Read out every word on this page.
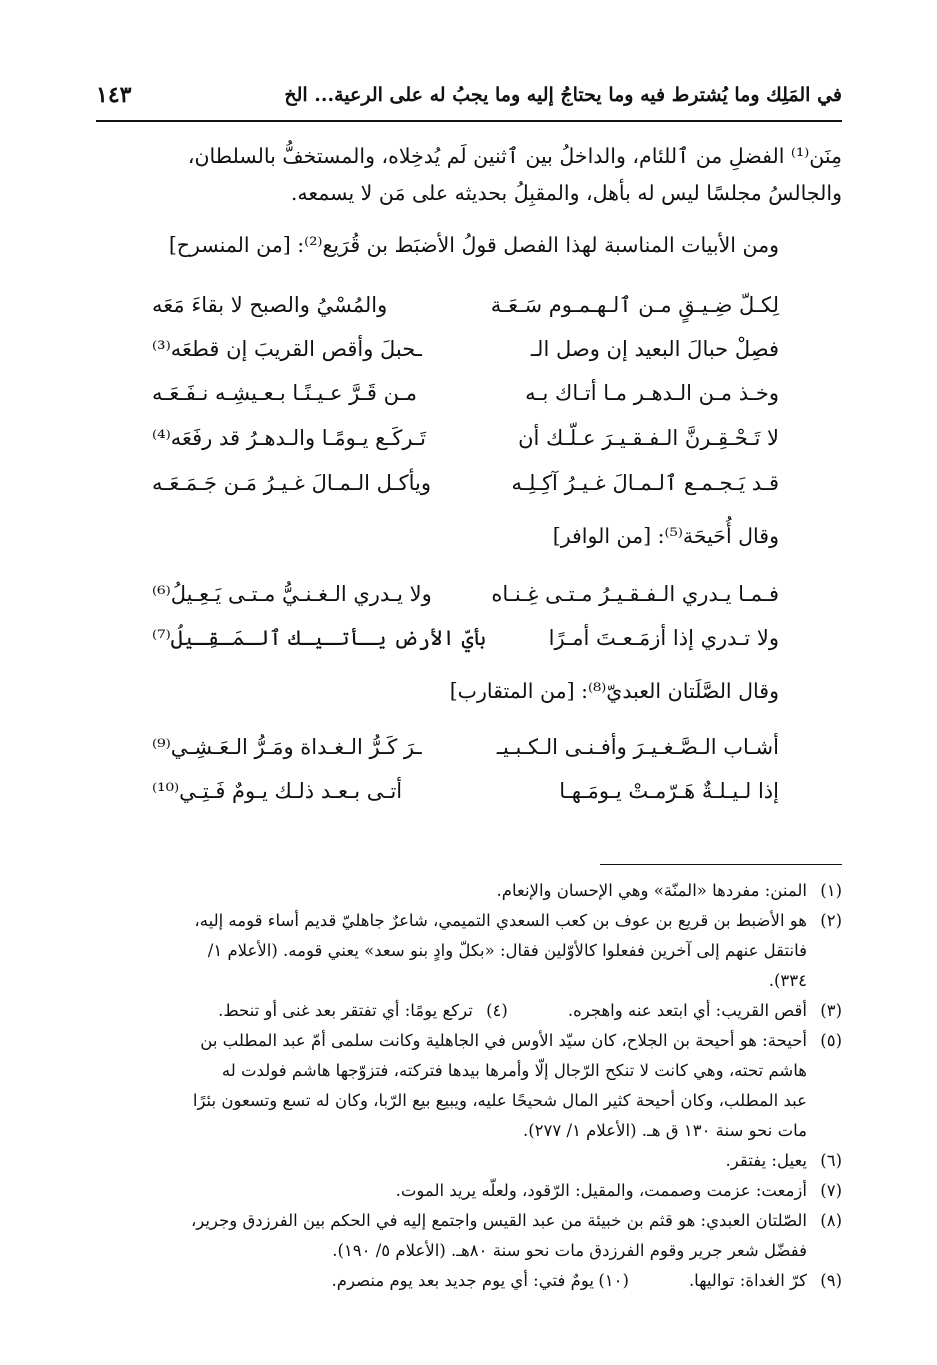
في المَلِك وما يُشترط فيه وما يحتاجُ إليه وما يجبُ له على الرعية... الخ
١٤٣
مِنَن⁽¹⁾ الفضلِ من ٱللئام، والداخلُ بين ٱثنين لَم يُدخِلاه، والمستخفُّ بالسلطان،
والجالسُ مجلسًا ليس له بأهل، والمقبِلُ بحديثه على مَن لا يسمعه.
ومن الأبيات المناسبة لهذا الفصل قولُ الأضبَط بن قُرَيع⁽²⁾: [من المنسرح]
لِكـلّ ضِـيـقٍ مـن ٱلـهـمـوم سَـعَـة
والمُسْيُ والصبح لا بقاءَ مَعَه
فصِلْ حبالَ البعيد إن وصل الـ
ـحبلَ وأقص القريبَ إن قطعَه⁽³⁾
وخـذ مـن الـدهـر مـا أتـاك بـه
مـن قَـرَّ عـيـنًـا بـعـيشِـه نـفَـعَـه
لا تَـحْـقِـرنَّ الـفـقـيـرَ عـلّـك أن
تَـركَـع يـومًـا والـدهـرُ قد رفَعَه⁽⁴⁾
قـد يَـجـمـع ٱلـمـالَ غـيـرُ آكِـلِـه
ويأكـل الـمـالَ غـيـرُ مَـن جَـمَـعَـه
وقال أُحَيحَة⁽⁵⁾: [من الوافر]
فـمـا يـدري الـفـقـيـرُ مـتـى غِـنـاه
ولا يـدري الـغـنـيُّ مـتـى يَـعِـيلُ⁽⁶⁾
ولا تـدري إذا أزمَـعـتَ أمـرًا
بأيّ الأرض يـأتـيـك ٱلـمَـقِـيلُ⁽⁷⁾
وقال الصَّلَتان العبديّ⁽⁸⁾: [من المتقارب]
أشـاب الـصَّـغـيـرَ وأفـنـى الـكـبـيـ
ـرَ كَـرُّ الـغـداة ومَـرُّ الـعَـشِـي⁽⁹⁾
إذا لـيـلـةٌ هَـرّمـتْ يـومَـهـا
أتـى بـعـد ذلـك يـومٌ فَـتِـي⁽¹⁰⁾
(١)
المنن: مفردها «المنّة» وهي الإحسان والإنعام.
(٢)
هو الأضبط بن قريع بن عوف بن كعب السعدي التميمي، شاعرٌ جاهليّ قديم أساء قومه إليه،
فانتقل عنهم إلى آخرين ففعلوا كالأوّلين فقال: «بكلّ وادٍ بنو سعد» يعني قومه. (الأعلام ١/
٣٣٤).
(٣)
أقص القريب: أي ابتعد عنه واهجره.
(٤)
تركع يومًا: أي تفتقر بعد غنى أو تنحط.
(٥)
أحيحة: هو أحيحة بن الجلاح، كان سيّد الأوس في الجاهلية وكانت سلمى أمّ عبد المطلب بن
هاشم تحته، وهي كانت لا تنكح الرّجال إلّا وأمرها بيدها فتركته، فتزوّجها هاشم فولدت له
عبد المطلب، وكان أحيحة كثير المال شحيحًا عليه، ويبيع بيع الرّبا، وكان له تسع وتسعون بئرًا
مات نحو سنة ١٣٠ ق هـ. (الأعلام ١/ ٢٧٧).
(٦)
يعيل: يفتقر.
(٧)
أزمعت: عزمت وصممت، والمقيل: الرّقود، ولعلّه يريد الموت.
(٨)
الصّلتان العبدي: هو قثم بن خبيئة من عبد القيس واجتمع إليه في الحكم بين الفرزدق وجرير،
ففضّل شعر جرير وقوم الفرزدق مات نحو سنة ٨٠هـ. (الأعلام ٥/ ١٩٠).
(٩)
كرّ الغداة: تواليها.
(١٠)
يومٌ فتي: أي يوم جديد بعد يوم منصرم.
